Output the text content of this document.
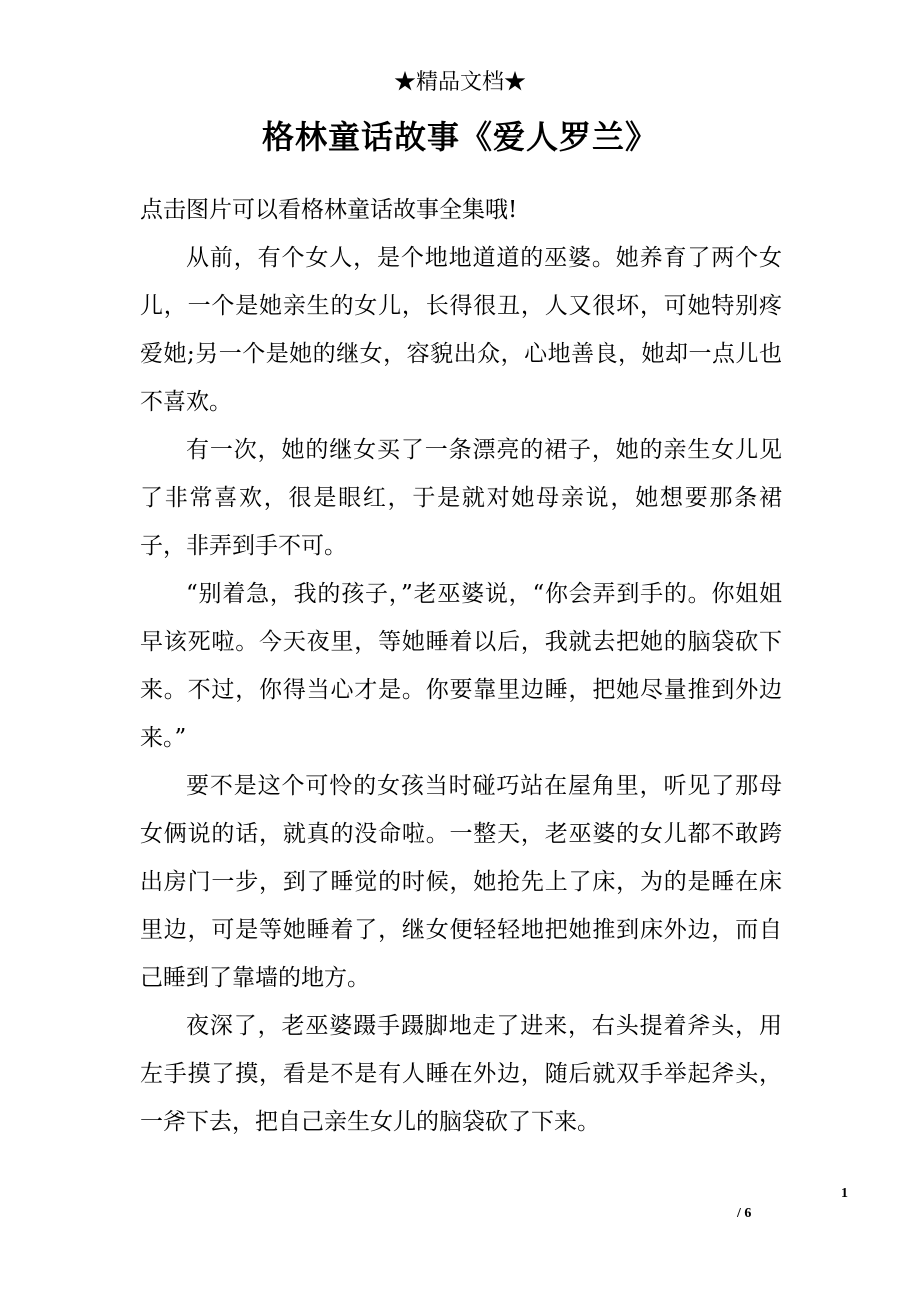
★精品文档★
格林童话故事《爱人罗兰》

点击图片可以看格林童话故事全集哦!

从前，有个女人，是个地地道道的巫婆。她养育了两个女儿，一个是她亲生的女儿，长得很丑，人又很坏，可她特别疼爱她;另一个是她的继女，容貌出众，心地善良，她却一点儿也不喜欢。

有一次，她的继女买了一条漂亮的裙子，她的亲生女儿见了非常喜欢，很是眼红，于是就对她母亲说，她想要那条裙子，非弄到手不可。

“别着急，我的孩子，”老巫婆说，“你会弄到手的。你姐姐早该死啦。今天夜里，等她睡着以后，我就去把她的脑袋砍下来。不过，你得当心才是。你要靠里边睡，把她尽量推到外边来。”

要不是这个可怜的女孩当时碰巧站在屋角里，听见了那母女俩说的话，就真的没命啦。一整天，老巫婆的女儿都不敢跨出房门一步，到了睡觉的时候，她抢先上了床，为的是睡在床里边，可是等她睡着了，继女便轻轻地把她推到床外边，而自己睡到了靠墙的地方。

夜深了，老巫婆蹑手蹑脚地走了进来，右头提着斧头，用左手摸了摸，看是不是有人睡在外边，随后就双手举起斧头，一斧下去，把自己亲生女儿的脑袋砍了下来。

1
/ 6
